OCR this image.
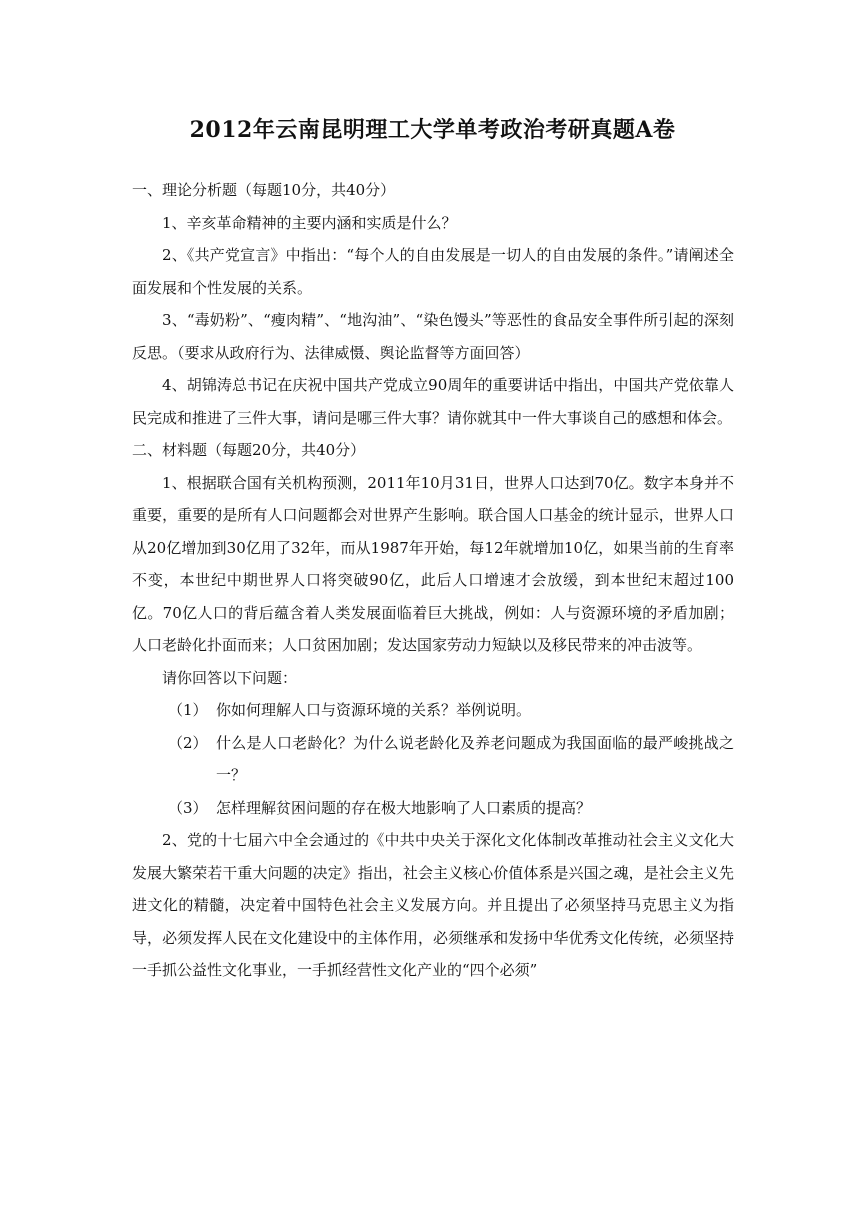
2012年云南昆明理工大学单考政治考研真题A卷

一、理论分析题（每题10分，共40分）

1、辛亥革命精神的主要内涵和实质是什么？

2、《共产党宣言》中指出：“每个人的自由发展是一切人的自由发展的条件。”请阐述全面发展和个性发展的关系。

3、“毒奶粉”、“瘦肉精”、“地沟油”、“染色馒头”等恶性的食品安全事件所引起的深刻反思。（要求从政府行为、法律威慑、舆论监督等方面回答）

4、胡锦涛总书记在庆祝中国共产党成立90周年的重要讲话中指出，中国共产党依靠人民完成和推进了三件大事，请问是哪三件大事？请你就其中一件大事谈自己的感想和体会。

二、材料题（每题20分，共40分）

1、根据联合国有关机构预测，2011年10月31日，世界人口达到70亿。数字本身并不重要，重要的是所有人口问题都会对世界产生影响。联合国人口基金的统计显示，世界人口从20亿增加到30亿用了32年，而从1987年开始，每12年就增加10亿，如果当前的生育率不变，本世纪中期世界人口将突破90亿，此后人口增速才会放缓，到本世纪末超过100亿。70亿人口的背后蕴含着人类发展面临着巨大挑战，例如：人与资源环境的矛盾加剧；人口老龄化扑面而来；人口贫困加剧；发达国家劳动力短缺以及移民带来的冲击波等。

请你回答以下问题：

（1） 你如何理解人口与资源环境的关系？举例说明。
（2） 什么是人口老龄化？为什么说老龄化及养老问题成为我国面临的最严峻挑战之一？
（3） 怎样理解贫困问题的存在极大地影响了人口素质的提高？

2、党的十七届六中全会通过的《中共中央关于深化文化体制改革推动社会主义文化大发展大繁荣若干重大问题的决定》指出，社会主义核心价值体系是兴国之魂，是社会主义先进文化的精髓，决定着中国特色社会主义发展方向。并且提出了必须坚持马克思主义为指导，必须发挥人民在文化建设中的主体作用，必须继承和发扬中华优秀文化传统，必须坚持一手抓公益性文化事业，一手抓经营性文化产业的“四个必须”
